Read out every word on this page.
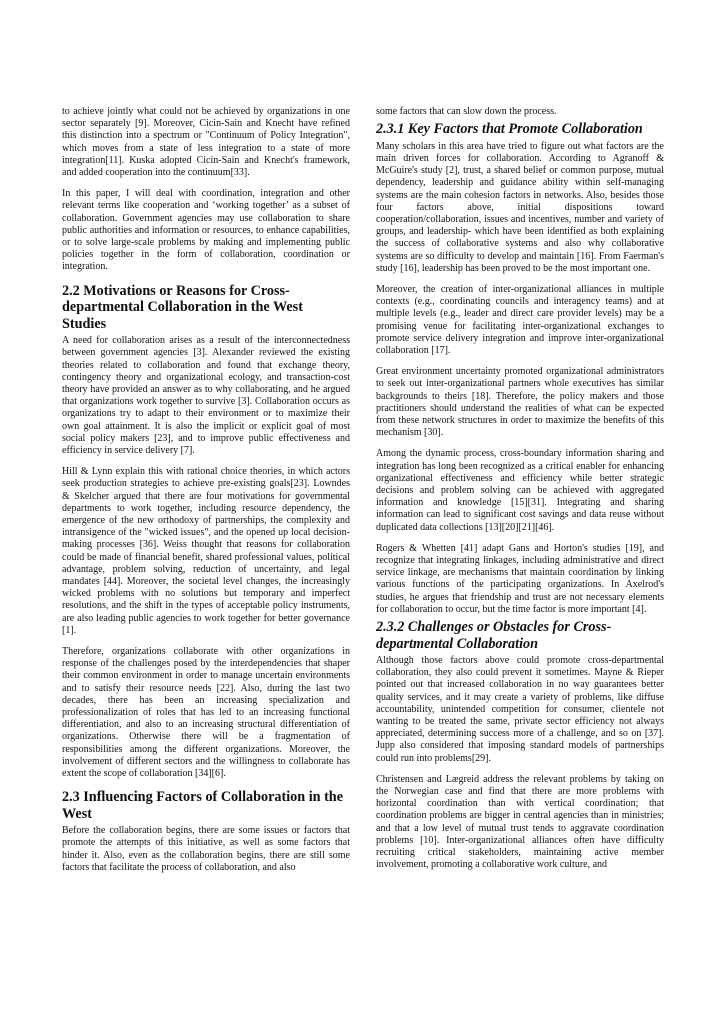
to achieve jointly what could not be achieved by organizations in one sector separately [9]. Moreover, Cicin-Sain and Knecht have refined this distinction into a spectrum or "Continuum of Policy Integration", which moves from a state of less integration to a state of more integration[11]. Kuska adopted Cicin-Sain and Knecht's framework, and added cooperation into the continuum[33].

In this paper, I will deal with coordination, integration and other relevant terms like cooperation and ‘working together’ as a subset of collaboration. Government agencies may use collaboration to share public authorities and information or resources, to enhance capabilities, or to solve large-scale problems by making and implementing public policies together in the form of collaboration, coordination or integration.

2.2 Motivations or Reasons for Cross-departmental Collaboration in the West Studies

A need for collaboration arises as a result of the interconnectedness between government agencies [3]. Alexander reviewed the existing theories related to collaboration and found that exchange theory, contingency theory and organizational ecology, and transaction-cost theory have provided an answer as to why collaborating, and he argued that organizations work together to survive [3]. Collaboration occurs as organizations try to adapt to their environment or to maximize their own goal attainment. It is also the implicit or explicit goal of most social policy makers [23], and to improve public effectiveness and efficiency in service delivery [7].

Hill & Lynn explain this with rational choice theories, in which actors seek production strategies to achieve pre-existing goals[23]. Lowndes & Skelcher argued that there are four motivations for governmental departments to work together, including resource dependency, the emergence of the new orthodoxy of partnerships, the complexity and intransigence of the "wicked issues", and the opened up local decision-making processes [36]. Weiss thought that reasons for collaboration could be made of financial benefit, shared professional values, political advantage, problem solving, reduction of uncertainty, and legal mandates [44]. Moreover, the societal level changes, the increasingly wicked problems with no solutions but temporary and imperfect resolutions, and the shift in the types of acceptable policy instruments, are also leading public agencies to work together for better governance [1].

Therefore, organizations collaborate with other organizations in response of the challenges posed by the interdependencies that shaper their common environment in order to manage uncertain environments and to satisfy their resource needs [22]. Also, during the last two decades, there has been an increasing specialization and professionalization of roles that has led to an increasing functional differentiation, and also to an increasing structural differentiation of organizations. Otherwise there will be a fragmentation of responsibilities among the different organizations. Moreover, the involvement of different sectors and the willingness to collaborate has extent the scope of collaboration [34][6].

2.3 Influencing Factors of Collaboration in the West

Before the collaboration begins, there are some issues or factors that promote the attempts of this initiative, as well as some factors that hinder it. Also, even as the collaboration begins, there are still some factors that facilitate the process of collaboration, and also

some factors that can slow down the process.

2.3.1 Key Factors that Promote Collaboration

Many scholars in this area have tried to figure out what factors are the main driven forces for collaboration. According to Agranoff & McGuire's study [2], trust, a shared belief or common purpose, mutual dependency, leadership and guidance ability within self-managing systems are the main cohesion factors in networks. Also, besides those four factors above, initial dispositions toward cooperation/collaboration, issues and incentives, number and variety of groups, and leadership- which have been identified as both explaining the success of collaborative systems and also why collaborative systems are so difficulty to develop and maintain [16]. From Faerman's study [16], leadership has been proved to be the most important one.

Moreover, the creation of inter-organizational alliances in multiple contexts (e.g., coordinating councils and interagency teams) and at multiple levels (e.g., leader and direct care provider levels) may be a promising venue for facilitating inter-organizational exchanges to promote service delivery integration and improve inter-organizational collaboration [17].

Great environment uncertainty promoted organizational administrators to seek out inter-organizational partners whole executives has similar backgrounds to theirs [18]. Therefore, the policy makers and those practitioners should understand the realities of what can be expected from these network structures in order to maximize the benefits of this mechanism [30].

Among the dynamic process, cross-boundary information sharing and integration has long been recognized as a critical enabler for enhancing organizational effectiveness and efficiency while better strategic decisions and problem solving can be achieved with aggregated information and knowledge [15][31]. Integrating and sharing information can lead to significant cost savings and data reuse without duplicated data collections [13][20][21][46].

Rogers & Whetten [41] adapt Gans and Horton's studies [19], and recognize that integrating linkages, including administrative and direct service linkage, are mechanisms that maintain coordination by linking various functions of the participating organizations. In Axelrod's studies, he argues that friendship and trust are not necessary elements for collaboration to occur, but the time factor is more important [4].

2.3.2 Challenges or Obstacles for Cross-departmental Collaboration

Although those factors above could promote cross-departmental collaboration, they also could prevent it sometimes. Mayne & Rieper pointed out that increased collaboration in no way guarantees better quality services, and it may create a variety of problems, like diffuse accountability, unintended competition for consumer, clientele not wanting to be treated the same, private sector efficiency not always appreciated, determining success more of a challenge, and so on [37]. Jupp also considered that imposing standard models of partnerships could run into problems[29].

Christensen and Lægreid address the relevant problems by taking on the Norwegian case and find that there are more problems with horizontal coordination than with vertical coordination; that coordination problems are bigger in central agencies than in ministries; and that a low level of mutual trust tends to aggravate coordination problems [10]. Inter-organizational alliances often have difficulty recruiting critical stakeholders, maintaining active member involvement, promoting a collaborative work culture, and
